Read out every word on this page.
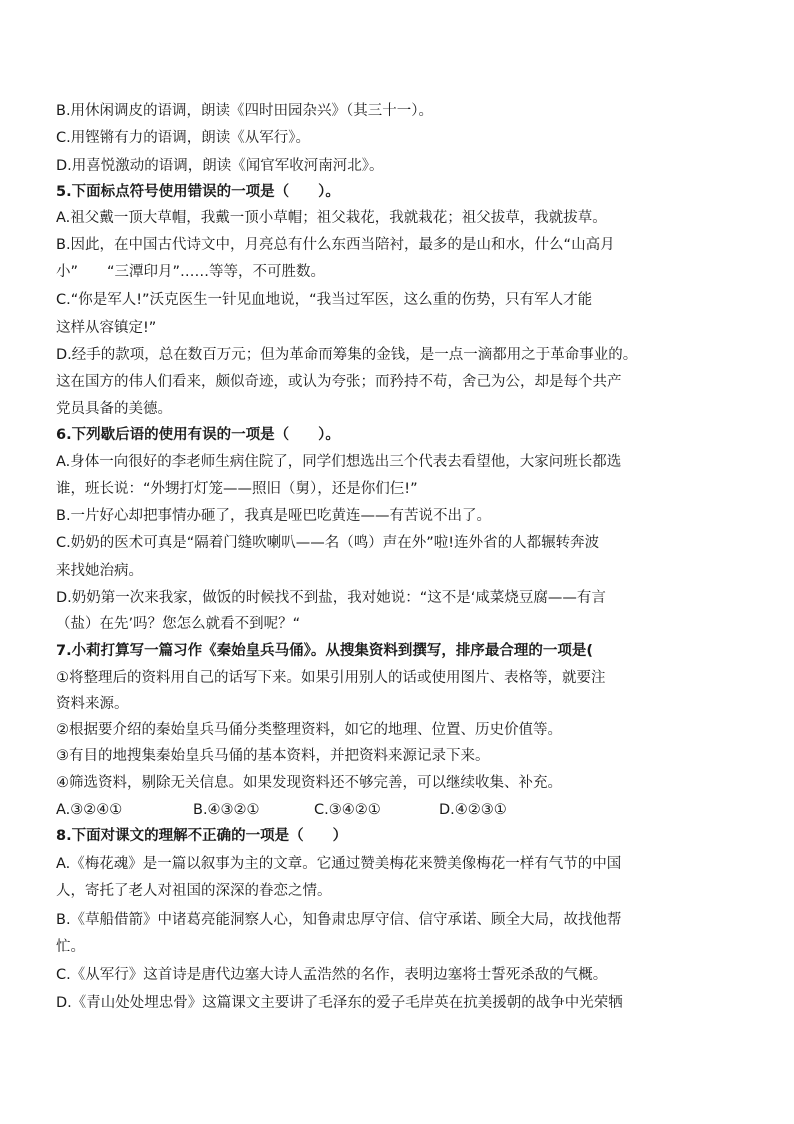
B.用休闲调皮的语调，朗读《四时田园杂兴》（其三十一）。
C.用铿锵有力的语调，朗读《从军行》。
D.用喜悦激动的语调，朗读《闻官军收河南河北》。
5.下面标点符号使用错误的一项是（　　）。
A.祖父戴一顶大草帽，我戴一顶小草帽；祖父栽花，我就栽花；祖父拔草，我就拔草。
B.因此，在中国古代诗文中，月亮总有什么东西当陪衬，最多的是山和水，什么“山高月
小”　　“三潭印月”……等等，不可胜数。
C.“你是军人!”沃克医生一针见血地说，“我当过军医，这么重的伤势，只有军人才能
这样从容镇定!”
D.经手的款项，总在数百万元；但为革命而筹集的金钱，是一点一滴都用之于革命事业的。
这在国方的伟人们看来，颇似奇迹，或认为夸张；而矜持不苟，舍己为公，却是每个共产
党员具备的美德。
6.下列歇后语的使用有误的一项是（　　）。
A.身体一向很好的李老师生病住院了，同学们想选出三个代表去看望他，大家问班长都选
谁，班长说：“外甥打灯笼——照旧（舅），还是你们仨!”
B.一片好心却把事情办砸了，我真是哑巴吃黄连——有苦说不出了。
C.奶奶的医术可真是“隔着门缝吹喇叭——名（鸣）声在外”啦!连外省的人都辗转奔波
来找她治病。
D.奶奶第一次来我家，做饭的时候找不到盐，我对她说：“这不是‘咸菜烧豆腐——有言
（盐）在先’吗？您怎么就看不到呢？“
7.小莉打算写一篇习作《秦始皇兵马俑》。从搜集资料到撰写，排序最合理的一项是(
①将整理后的资料用自己的话写下来。如果引用别人的话或使用图片、表格等，就要注
资料来源。
②根据要介绍的秦始皇兵马俑分类整理资料，如它的地理、位置、历史价值等。
③有目的地搜集秦始皇兵马俑的基本资料，并把资料来源记录下来。
④筛选资料，剔除无关信息。如果发现资料还不够完善，可以继续收集、补充。
A.③②④①	B.④③②①	C.③④②①	D.④②③①
8.下面对课文的理解不正确的一项是（　　）
A.《梅花魂》是一篇以叙事为主的文章。它通过赞美梅花来赞美像梅花一样有气节的中国
人，寄托了老人对祖国的深深的眷恋之情。
B.《草船借箭》中诸葛亮能洞察人心，知鲁肃忠厚守信、信守承诺、顾全大局，故找他帮
忙。
C.《从军行》这首诗是唐代边塞大诗人孟浩然的名作，表明边塞将士誓死杀敌的气概。
D.《青山处处埋忠骨》这篇课文主要讲了毛泽东的爱子毛岸英在抗美援朝的战争中光荣牺
